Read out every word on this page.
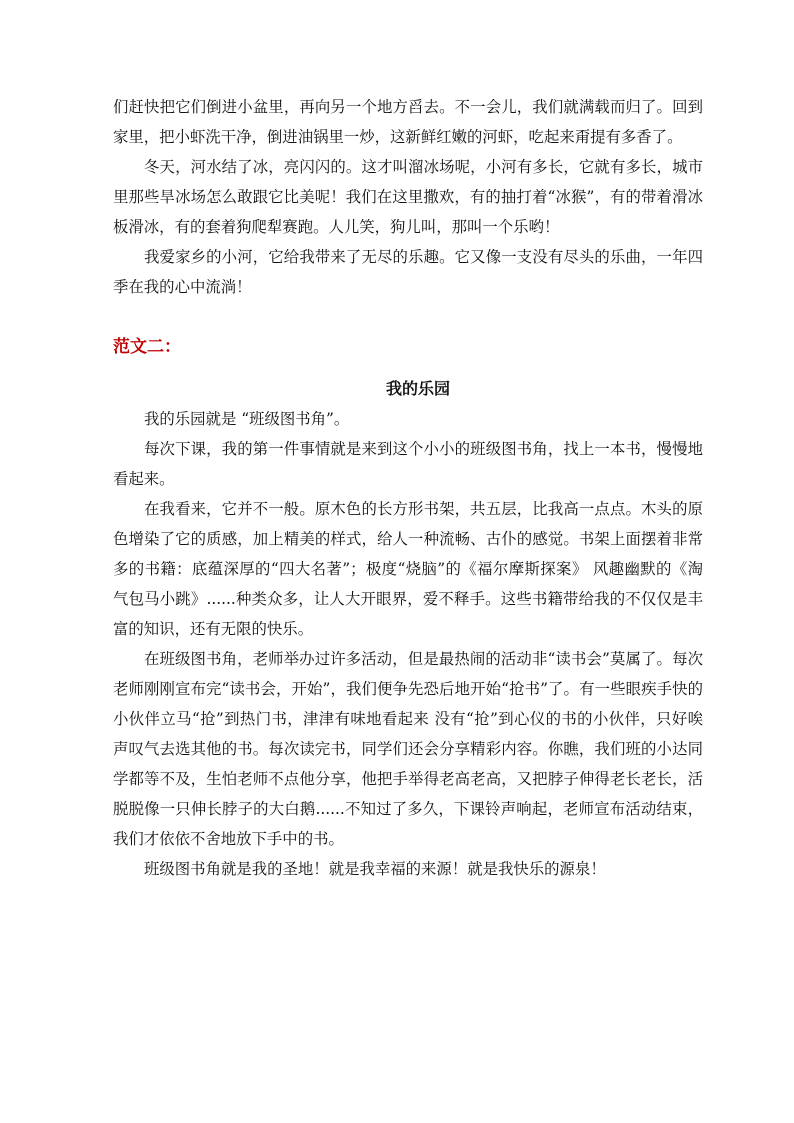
们赶快把它们倒进小盆里，再向另一个地方舀去。不一会儿，我们就满载而归了。回到家里，把小虾洗干净，倒进油锅里一炒，这新鲜红嫩的河虾，吃起来甭提有多香了。

冬天，河水结了冰，亮闪闪的。这才叫溜冰场呢，小河有多长，它就有多长，城市里那些旱冰场怎么敢跟它比美呢！我们在这里撒欢，有的抽打着“冰猴”，有的带着滑冰板滑冰，有的套着狗爬犁赛跑。人儿笑，狗儿叫，那叫一个乐哟！

我爱家乡的小河，它给我带来了无尽的乐趣。它又像一支没有尽头的乐曲，一年四季在我的心中流淌！

范文二：

我的乐园

我的乐园就是 “班级图书角”。

每次下课，我的第一件事情就是来到这个小小的班级图书角，找上一本书，慢慢地看起来。

在我看来，它并不一般。原木色的长方形书架，共五层，比我高一点点。木头的原色增染了它的质感，加上精美的样式，给人一种流畅、古仆的感觉。书架上面摆着非常多的书籍：底蕴深厚的“四大名著”；极度“烧脑”的《福尔摩斯探案》 风趣幽默的《淘气包马小跳》......种类众多，让人大开眼界，爱不释手。这些书籍带给我的不仅仅是丰富的知识，还有无限的快乐。

在班级图书角，老师举办过许多活动，但是最热闹的活动非“读书会”莫属了。每次老师刚刚宣布完“读书会，开始”，我们便争先恐后地开始“抢书”了。有一些眼疾手快的小伙伴立马“抢”到热门书，津津有味地看起来 没有“抢”到心仪的书的小伙伴，只好唉声叹气去选其他的书。每次读完书，同学们还会分享精彩内容。你瞧，我们班的小达同学都等不及，生怕老师不点他分享，他把手举得老高老高，又把脖子伸得老长老长，活脱脱像一只伸长脖子的大白鹅......不知过了多久，下课铃声响起，老师宣布活动结束，我们才依依不舍地放下手中的书。

班级图书角就是我的圣地！就是我幸福的来源！就是我快乐的源泉！
